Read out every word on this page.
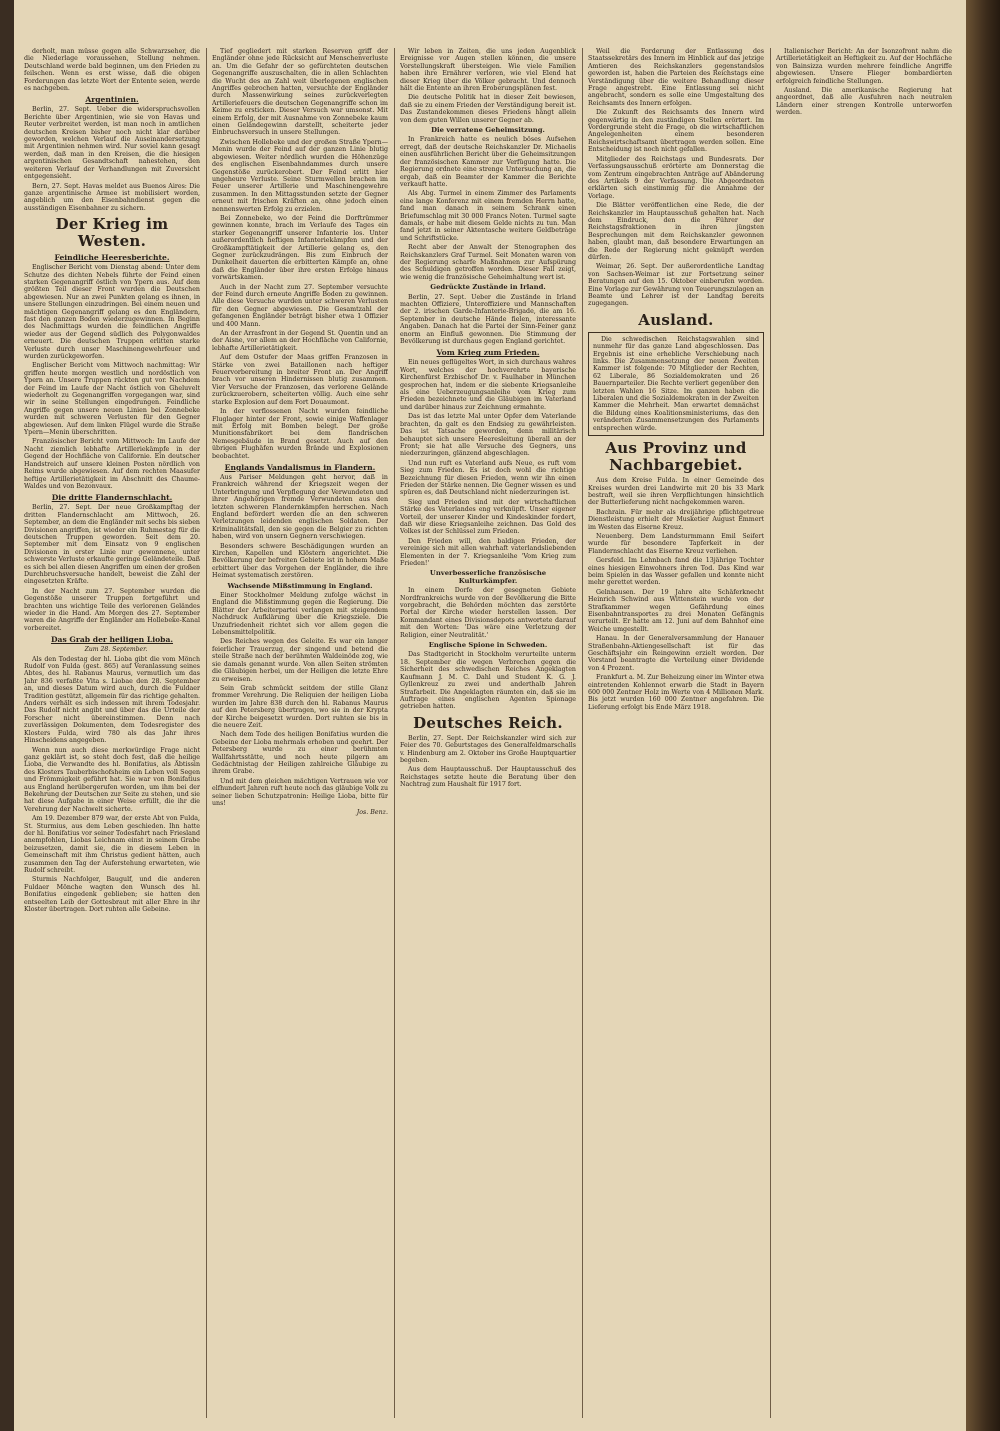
derholt, man müsse gegen alle Schwarzseher, die die Niederlage voraussehen, Stellung nehmen. Deutschland werde bald beginnen, um den Frieden zu feilschen. Wenn es erst wisse, daß die obigen Forderungen das letzte Wort der Entente seien, werde es nachgeben.

Argentinien.

Berlin, 27. Sept. Ueber die widerspruchsvollen Berichte über Argentinien, wie sie von Havas und Reuter verbreitet werden, ist man noch in amtlichen deutschen Kreisen bisher noch nicht klar darüber geworden, welchen Verlauf die Auseinandersetzung mit Argentinien nehmen wird. Nur soviel kann gesagt werden, daß man in den Kreisen, die die hiesigen argentinischen Gesandtschaft nahestehen, den weiteren Verlauf der Verhandlungen mit Zuversicht entgegensieht.

Bern, 27. Sept. Havas meldet aus Buenos Aires: Die ganze argentinische Armee ist mobilisiert worden, angeblich um den Eisenbahndienst gegen die ausständigen Eisenbahner zu sichern.

Der Krieg im Westen.
Feindliche Heeresberichte.

Englischer Bericht vom Dienstag abend: Unter dem Schutze des dichten Nebels führte der Feind einen starken Gegenangriff östlich von Ypern aus. Auf dem größten Teil dieser Front wurden die Deutschen abgewiesen. Nur an zwei Punkten gelang es ihnen, in unsere Stellungen einzudringen. Bei einem neuen und mächtigen Gegenangriff gelang es den Engländern, fast den ganzen Boden wiederzugewinnen. In Beginn des Nachmittags wurden die feindlichen Angriffe wieder aus der Gegend südlich des Polygonwaldes erneuert. Die deutschen Truppen erlitten starke Verluste durch unser Maschinengewehrfeuer und wurden zurückgeworfen.

Englischer Bericht vom Mittwoch nachmittag: Wir griffen heute morgen westlich und nordöstlich von Ypern an. Unsere Truppen rückten gut vor. Nachdem der Feind im Laufe der Nacht östlich von Gheluvelt wiederholt zu Gegenangriffen vorgegangen war, sind wir in seine Stellungen eingedrungen. Feindliche Angriffe gegen unsere neuen Linien bei Zonnebeke wurden mit schweren Verlusten für den Gegner abgewiesen. Auf dem linken Flügel wurde die Straße Ypern—Menin überschritten.

Französischer Bericht vom Mittwoch: Im Laufe der Nacht ziemlich lebhafte Artilleriekämpfe in der Gegend der Hochfläche von Californie. Ein deutscher Handstreich auf unsere kleinen Posten nördlich von Reims wurde abgewiesen. Auf dem rechten Maasufer heftige Artillerietätigkeit im Abschnitt des Chaume-Waldes und von Bezonvaux.

Die dritte Flandernschlacht.

Berlin, 27. Sept. Der neue Großkampftag der dritten Flandernschlacht am Mittwoch, 26. September, an dem die Engländer mit sechs bis sieben Divisionen angriffen, ist wieder ein Ruhmestag für die deutschen Truppen geworden. Seit dem 20. September mit dem Einsatz von 9 englischen Divisionen in erster Linie nur gewonnene, unter schwerste Verluste erkaufte geringe Geländeteile. Daß es sich bei allen diesen Angriffen um einen der großen Durchbruchsversuche handelt, beweist die Zahl der eingesetzten Kräfte.

In der Nacht zum 27. September wurden die Gegenstöße unserer Truppen fortgeführt und brachten uns wichtige Teile des verlorenen Geländes wieder in die Hand. Am Morgen des 27. September waren die Angriffe der Engländer am Hollebeke-Kanal vorbereitet.

Das Grab der heiligen Lioba.

Zum 28. September.

Als den Todestag der hl. Lioba gibt die vom Mönch Rudolf von Fulda (gest. 865) auf Veranlassung seines Abtes, des hl. Rabanus Maurus, vermutlich um das Jahr 836 verfaßte Vita s. Liobae den 28. September an, und dieses Datum wird auch, durch die Fuldaer Tradition gestützt, allgemein für das richtige gehalten. Anders verhält es sich indessen mit ihrem Todesjahr. Das Rudolf nicht angibt und über das die Urteile der Forscher nicht übereinstimmen. Denn nach zuverlässigen Dokumenten, dem Todesregister des Klosters Fulda, wird 780 als das Jahr ihres Hinscheidens angegeben.

Wenn nun auch diese merkwürdige Frage nicht ganz geklärt ist, so steht doch fest, daß die heilige Lioba, die Verwandte des hl. Bonifatius, als Äbtissin des Klosters Tauberbischofsheim ein Leben voll Segen und Frömmigkeit geführt hat. Sie war von Bonifatius aus England herübergerufen worden, um ihm bei der Bekehrung der Deutschen zur Seite zu stehen, und sie hat diese Aufgabe in einer Weise erfüllt, die ihr die Verehrung der Nachwelt sicherte.

Am 19. Dezember 879 war, der erste Abt von Fulda, St. Sturmius, aus dem Leben geschieden. Ihn hatte der hl. Bonifatius vor seiner Todesfahrt nach Friesland anempfohlen, Liobas Leichnam einst in seinem Grabe beizusetzen, damit sie, die in diesem Leben in Gemeinschaft mit ihm Christus gedient hätten, auch zusammen den Tag der Auferstehung erwarteten, wie Rudolf schreibt.

Sturmis Nachfolger, Baugulf, und die anderen Fuldaer Mönche wagten den Wunsch des hl. Bonifatius eingedenk geblieben; sie hatten den entseelten Leib der Gottesbraut mit aller Ehre in ihr Kloster übertragen. Dort ruhten alle Gebeine.

Tief gegliedert mit starken Reserven griff der Engländer ohne jede Rücksicht auf Menschenverluste an. Um die Gefahr der so gefürchteten deutschen Gegenangriffe auszuschalten, die in allen Schlachten die Wucht des an Zahl weit überlegenen englischen Angriffes gebrochen hatten, versuchte der Engländer durch Massenwirkung seines zurückverlegten Artilleriefeuers die deutschen Gegenangriffe schon im Keime zu ersticken. Dieser Versuch war umsonst. Mit einem Erfolg, der mit Ausnahme von Zonnebeke kaum einen Geländegewinn darstellt, scheiterte jeder Einbruchsversuch in unsere Stellungen.

Zwischen Hollebeke und der großen Straße Ypern—Menin wurde der Feind auf der ganzen Linie blutig abgewiesen. Weiter nördlich wurden die Höhenzüge des englischen Eisenbahndammes durch unsere Gegenstöße zurückerobert. Der Feind erlitt hier ungeheure Verluste. Seine Sturmwellen brachen im Feuer unserer Artillerie und Maschinengewehre zusammen. In den Mittagsstunden setzte der Gegner erneut mit frischen Kräften an, ohne jedoch einen nennenswerten Erfolg zu erzielen.

Bei Zonnebeke, wo der Feind die Dorftrümmer gewinnen konnte, brach im Verlaufe des Tages ein starker Gegenangriff unserer Infanterie los. Unter außerordentlich heftigen Infanteriekämpfen und der Großkampftätigkeit der Artillerie gelang es, den Gegner zurückzudrängen. Bis zum Einbruch der Dunkelheit dauerten die erbitterten Kämpfe an, ohne daß die Engländer über ihre ersten Erfolge hinaus vorwärtskamen.

Auch in der Nacht zum 27. September versuchte der Feind durch erneute Angriffe Boden zu gewinnen. Alle diese Versuche wurden unter schweren Verlusten für den Gegner abgewiesen. Die Gesamtzahl der gefangenen Engländer beträgt bisher etwa 1 Offizier und 400 Mann.

An der Arrasfront in der Gegend St. Quentin und an der Aisne, vor allem an der Hochfläche von Californie, lebhafte Artillerietätigkeit.

Auf dem Ostufer der Maas griffen Franzosen in Stärke von zwei Bataillonen nach heftiger Feuervorbereitung in breiter Front an. Der Angriff brach vor unseren Hindernissen blutig zusammen. Vier Versuche der Franzosen, das verlorene Gelände zurückzuerobern, scheiterten völlig. Auch eine sehr starke Explosion auf dem Fort Douaumont.

In der verflossenen Nacht wurden feindliche Fluglager hinter der Front, sowie einige Waffenlager mit Erfolg mit Bomben belegt. Der große Munitionsfabrikort bei dem flandrischen Nemesgebäude in Brand gesetzt. Auch auf den übrigen Flughäfen wurden Brände und Explosionen beobachtet.

Englands Vandalismus in Flandern.

Aus Pariser Meldungen geht hervor, daß in Frankreich während der Kriegszeit wegen der Unterbringung und Verpflegung der Verwundeten und ihrer Angehörigen fremde Verwundeten aus den letzten schweren Flandernkämpfen herrschen. Nach England befördert werden die an den schweren Verletzungen leidenden englischen Soldaten. Der Kriminalitätsfall, den sie gegen die Belgier zu richten haben, wird von unsern Gegnern verschwiegen.

Besonders schwere Beschädigungen wurden an Kirchen, Kapellen und Klöstern angerichtet. Die Bevölkerung der befreiten Gebiete ist in hohem Maße erbittert über das Vorgehen der Engländer, die ihre Heimat systematisch zerstören.

Wachsende Mißstimmung in England.

Einer Stockholmer Meldung zufolge wächst in England die Mißstimmung gegen die Regierung. Die Blätter der Arbeiterpartei verlangen mit steigendem Nachdruck Aufklärung über die Kriegsziele. Die Unzufriedenheit richtet sich vor allem gegen die Lebensmittelpolitik.

Des Reiches wegen des Geleite. Es war ein langer feierlicher Trauerzug, der singend und betend die steile Straße nach der berühmten Waldeinöde zog, wie sie damals genannt wurde. Von allen Seiten strömten die Gläubigen herbei, um der Heiligen die letzte Ehre zu erweisen.

Sein Grab schmückt seitdem der stille Glanz frommer Verehrung. Die Reliquien der heiligen Lioba wurden im Jahre 838 durch den hl. Rabanus Maurus auf den Petersberg übertragen, wo sie in der Krypta der Kirche beigesetzt wurden. Dort ruhten sie bis in die neuere Zeit.

Nach dem Tode des heiligen Bonifatius wurden die Gebeine der Lioba mehrmals erhoben und geehrt. Der Petersberg wurde zu einer berühmten Wallfahrtsstätte, und noch heute pilgern am Gedächtnistag der Heiligen zahlreiche Gläubige zu ihrem Grabe.

Und mit dem gleichen mächtigen Vertrauen wie vor elfhundert Jahren ruft heute noch das gläubige Volk zu seiner lieben Schutzpatronin: Heilige Lioba, bitte für uns!

Jos. Benz.

Wir leben in Zeiten, die uns jeden Augenblick Ereignisse vor Augen stellen können, die unsere Vorstellungskraft übersteigen. Wie viele Familien haben ihre Ernährer verloren, wie viel Elend hat dieser Krieg über die Völker gebracht. Und dennoch hält die Entente an ihren Eroberungsplänen fest.

Die deutsche Politik hat in dieser Zeit bewiesen, daß sie zu einem Frieden der Verständigung bereit ist. Das Zustandekommen dieses Friedens hängt allein von dem guten Willen unserer Gegner ab.

Die verratene Geheimsitzung.

In Frankreich hatte es neulich böses Aufsehen erregt, daß der deutsche Reichskanzler Dr. Michaelis einen ausführlichen Bericht über die Geheimsitzungen der französischen Kammer zur Verfügung hatte. Die Regierung ordnete eine strenge Untersuchung an, die ergab, daß ein Beamter der Kammer die Berichte verkauft hatte.

Als Abg. Turmel in einem Zimmer des Parlaments eine lange Konferenz mit einem fremden Herrn hatte, fand man danach in seinem Schrank einen Briefumschlag mit 30 000 Francs Noten. Turmel sagte damals, er habe mit diesem Gelde nichts zu tun. Man fand jetzt in seiner Aktentasche weitere Geldbeträge und Schriftstücke.

Recht aber der Anwalt der Stenographen des Reichskanzlers Graf Turmel. Seit Monaten waren von der Regierung scharfe Maßnahmen zur Aufspürung des Schuldigen getroffen worden. Dieser Fall zeigt, wie wenig die französische Geheimhaltung wert ist.

Gedrückte Zustände in Irland.

Berlin, 27. Sept. Ueber die Zustände in Irland machten Offiziere, Unteroffiziere und Mannschaften der 2. irischen Garde-Infanterie-Brigade, die am 16. September in deutsche Hände fielen, interessante Angaben. Danach hat die Partei der Sinn-Feiner ganz enorm an Einfluß gewonnen. Die Stimmung der Bevölkerung ist durchaus gegen England gerichtet.

Vom Krieg zum Frieden.

Ein neues geflügeltes Wort, in sich durchaus wahres Wort, welches der hochverehrte bayerische Kirchenfürst Erzbischof Dr. v. Faulhaber in München gesprochen hat, indem er die siebente Kriegsanleihe als eine Ueberzeugungsanleihe vom Krieg zum Frieden bezeichnete und die Gläubigen im Vaterland und darüber hinaus zur Zeichnung ermahnte.

Das ist das letzte Mal unter Opfer dem Vaterlande brachten, da galt es den Endsieg zu gewährleisten. Das ist Tatsache geworden, denn militärisch behauptet sich unsere Heeresleitung überall an der Front; sie hat alle Versuche des Gegners, uns niederzuringen, glänzend abgeschlagen.

Und nun ruft es Vaterland aufs Neue, es ruft vom Sieg zum Frieden. Es ist doch wohl die richtige Bezeichnung für diesen Frieden, wenn wir ihn einen Frieden der Stärke nennen. Die Gegner wissen es und spüren es, daß Deutschland nicht niederzuringen ist.

Sieg und Frieden sind mit der wirtschaftlichen Stärke des Vaterlandes eng verknüpft. Unser eigener Vorteil, der unserer Kinder und Kindeskinder fordert, daß wir diese Kriegsanleihe zeichnen. Das Gold des Volkes ist der Schlüssel zum Frieden.

Den Frieden will, den baldigen Frieden, der vereinige sich mit allen wahrhaft vaterlandsliebenden Elementen in der 7. Kriegsanleihe 'Vom Krieg zum Frieden!'

Unverbesserliche französische Kulturkämpfer.

In einem Dorfe der gesegneten Gebiete Nordfrankreichs wurde von der Bevölkerung die Bitte vorgebracht, die Behörden möchten das zerstörte Portal der Kirche wieder herstellen lassen. Der Kommandant eines Divisionsdepots antwortete darauf mit den Worten: 'Das wäre eine Verletzung der Religion, einer Neutralität.'

Englische Spione in Schweden.

Das Stadtgericht in Stockholm verurteilte unterm 18. September die wegen Verbrechen gegen die Sicherheit des schwedischen Reiches Angeklagten Kaufmann J. M. C. Dahl und Student K. G. J. Gyllenkreuz zu zwei und anderthalb Jahren Strafarbeit. Die Angeklagten räumten ein, daß sie im Auftrage eines englischen Agenten Spionage getrieben hatten.

Deutsches Reich.

Berlin, 27. Sept. Der Reichskanzler wird sich zur Feier des 70. Geburtstages des Generalfeldmarschalls v. Hindenburg am 2. Oktober ins Große Hauptquartier begeben.

Aus dem Hauptausschuß. Der Hauptausschuß des Reichstages setzte heute die Beratung über den Nachtrag zum Haushalt für 1917 fort.

Weil die Forderung der Entlassung des Staatssekretärs des Innern im Hinblick auf das jetzige Amtieren des Reichskanzlers gegenstandslos geworden ist, haben die Parteien des Reichstags eine Verständigung über die weitere Behandlung dieser Frage angestrebt. Eine Entlassung sei nicht angebracht, sondern es solle eine Umgestaltung des Reichsamts des Innern erfolgen.

Die Zukunft des Reichsamts des Innern wird gegenwärtig in den zuständigen Stellen erörtert. Im Vordergrunde steht die Frage, ob die wirtschaftlichen Angelegenheiten einem besonderen Reichswirtschaftsamt übertragen werden sollen. Eine Entscheidung ist noch nicht gefallen.

Mitglieder des Reichstags und Bundesrats. Der Verfassungsausschuß erörterte am Donnerstag die vom Zentrum eingebrachten Anträge auf Abänderung des Artikels 9 der Verfassung. Die Abgeordneten erklärten sich einstimmig für die Annahme der Vorlage.

Die Blätter veröffentlichen eine Rede, die der Reichskanzler im Hauptausschuß gehalten hat. Nach dem Eindruck, den die Führer der Reichstagsfraktionen in ihren jüngsten Besprechungen mit dem Reichskanzler gewonnen haben, glaubt man, daß besondere Erwartungen an die Rede der Regierung nicht geknüpft werden dürfen.

Weimar, 26. Sept. Der außerordentliche Landtag von Sachsen-Weimar ist zur Fortsetzung seiner Beratungen auf den 15. Oktober einberufen worden. Eine Vorlage zur Gewährung von Teuerungszulagen an Beamte und Lehrer ist der Landtag bereits zugegangen.

Ausland.

Die schwedischen Reichstagswahlen sind nunmehr für das ganze Land abgeschlossen. Das Ergebnis ist eine erhebliche Verschiebung nach links. Die Zusammensetzung der neuen Zweiten Kammer ist folgende: 70 Mitglieder der Rechten, 62 Liberale, 86 Sozialdemokraten und 26 Bauernparteiler. Die Rechte verliert gegenüber den letzten Wahlen 16 Sitze. Im ganzen haben die Liberalen und die Sozialdemokraten in der Zweiten Kammer die Mehrheit. Man erwartet demnächst die Bildung eines Koalitionsministeriums, das den veränderten Zusammensetzungen des Parlaments entsprechen würde.

Aus Provinz und Nachbargebiet.

Aus dem Kreise Fulda. In einer Gemeinde des Kreises wurden drei Landwirte mit 20 bis 33 Mark bestraft, weil sie ihren Verpflichtungen hinsichtlich der Butterlieferung nicht nachgekommen waren.

Bachrain. Für mehr als dreijährige pflichtgetreue Dienstleistung erhielt der Musketier August Emmert im Westen das Eiserne Kreuz.

Neuenberg. Dem Landsturmmann Emil Seifert wurde für besondere Tapferkeit in der Flandernschlacht das Eiserne Kreuz verliehen.

Gersfeld. Im Lehnbach fand die 13jährige Tochter eines hiesigen Einwohners ihren Tod. Das Kind war beim Spielen in das Wasser gefallen und konnte nicht mehr gerettet werden.

Gelnhausen. Der 19 Jahre alte Schäferknecht Heinrich Schwind aus Wittenstein wurde von der Strafkammer wegen Gefährdung eines Eisenbahntransportes zu drei Monaten Gefängnis verurteilt. Er hatte am 12. Juni auf dem Bahnhof eine Weiche umgestellt.

Hanau. In der Generalversammlung der Hanauer Straßenbahn-Aktiengesellschaft ist für das Geschäftsjahr ein Reingewinn erzielt worden. Der Vorstand beantragte die Verteilung einer Dividende von 4 Prozent.

Frankfurt a. M. Zur Beheizung einer im Winter etwa eintretenden Kohlennot erwarb die Stadt in Bayern 600 000 Zentner Holz im Werte von 4 Millionen Mark. Bis jetzt wurden 160 000 Zentner angefahren. Die Lieferung erfolgt bis Ende März 1918.

Italienischer Bericht: An der Isonzofront nahm die Artillerietätigkeit an Heftigkeit zu. Auf der Hochfläche von Bainsizza wurden mehrere feindliche Angriffe abgewiesen. Unsere Flieger bombardierten erfolgreich feindliche Stellungen.

Ausland. Die amerikanische Regierung hat angeordnet, daß alle Ausfuhren nach neutralen Ländern einer strengen Kontrolle unterworfen werden.
